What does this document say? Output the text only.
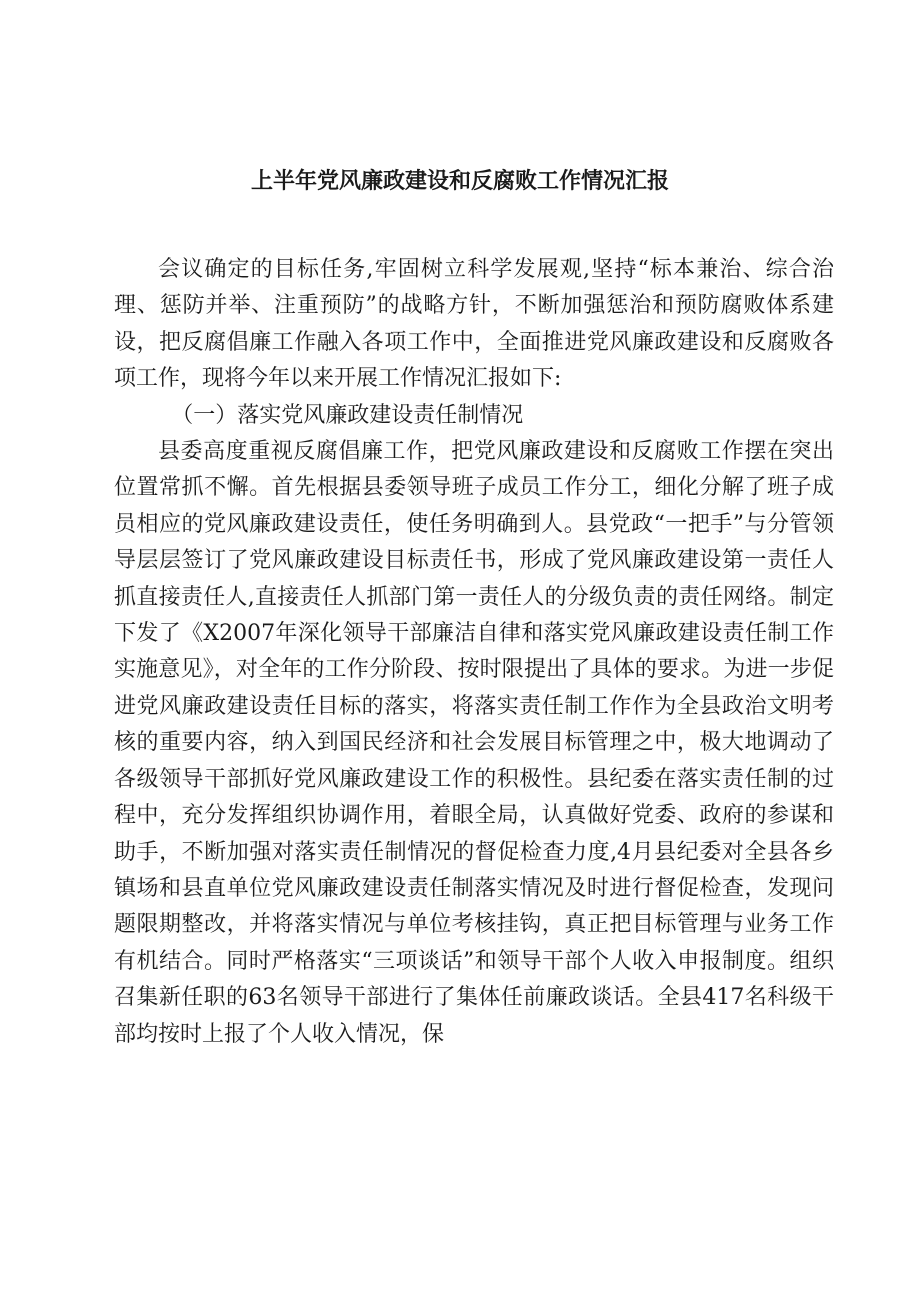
上半年党风廉政建设和反腐败工作情况汇报

会议确定的目标任务,牢固树立科学发展观,坚持“标本兼治、综合治理、惩防并举、注重预防”的战略方针，不断加强惩治和预防腐败体系建设，把反腐倡廉工作融入各项工作中，全面推进党风廉政建设和反腐败各项工作，现将今年以来开展工作情况汇报如下:

（一）落实党风廉政建设责任制情况

县委高度重视反腐倡廉工作，把党风廉政建设和反腐败工作摆在突出位置常抓不懈。首先根据县委领导班子成员工作分工，细化分解了班子成员相应的党风廉政建设责任，使任务明确到人。县党政“一把手”与分管领导层层签订了党风廉政建设目标责任书，形成了党风廉政建设第一责任人抓直接责任人,直接责任人抓部门第一责任人的分级负责的责任网络。制定下发了《X2007年深化领导干部廉洁自律和落实党风廉政建设责任制工作实施意见》，对全年的工作分阶段、按时限提出了具体的要求。为进一步促进党风廉政建设责任目标的落实，将落实责任制工作作为全县政治文明考核的重要内容，纳入到国民经济和社会发展目标管理之中，极大地调动了各级领导干部抓好党风廉政建设工作的积极性。县纪委在落实责任制的过程中，充分发挥组织协调作用，着眼全局，认真做好党委、政府的参谋和助手，不断加强对落实责任制情况的督促检查力度,4月县纪委对全县各乡镇场和县直单位党风廉政建设责任制落实情况及时进行督促检查，发现问题限期整改，并将落实情况与单位考核挂钩，真正把目标管理与业务工作有机结合。同时严格落实“三项谈话”和领导干部个人收入申报制度。组织召集新任职的63名领导干部进行了集体任前廉政谈话。全县417名科级干部均按时上报了个人收入情况，保
